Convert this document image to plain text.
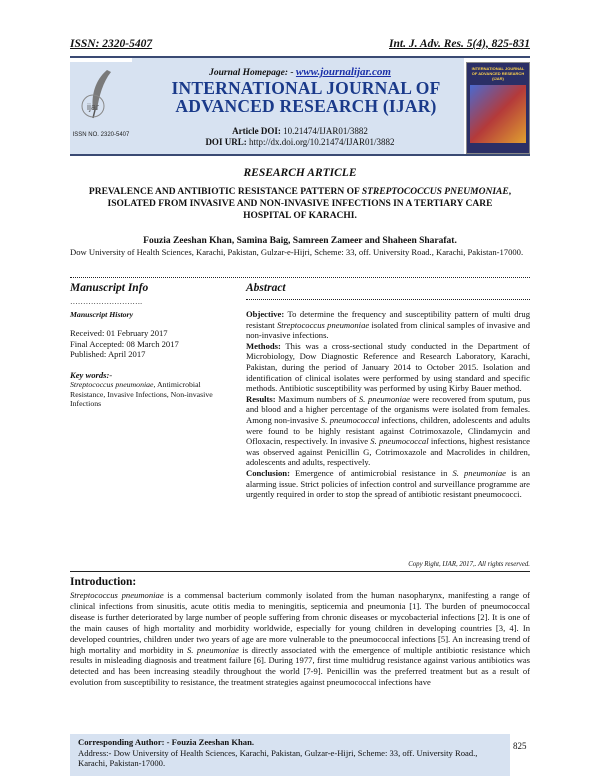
ISSN: 2320-5407	Int. J. Adv. Res. 5(4), 825-831
ijar
ISSN NO. 2320-5407
Journal Homepage: - www.journalijar.com
INTERNATIONAL JOURNAL OF
ADVANCED RESEARCH (IJAR)
Article DOI: 10.21474/IJAR01/3882
DOI URL: http://dx.doi.org/10.21474/IJAR01/3882
INTERNATIONAL JOURNAL OF ADVANCED RESEARCH (IJAR)
RESEARCH ARTICLE
PREVALENCE AND ANTIBIOTIC RESISTANCE PATTERN OF STREPTOCOCCUS PNEUMONIAE, ISOLATED FROM INVASIVE AND NON-INVASIVE INFECTIONS IN A TERTIARY CARE HOSPITAL OF KARACHI.
Fouzia Zeeshan Khan, Samina Baig, Samreen Zameer and Shaheen Sharafat.
Dow University of Health Sciences, Karachi, Pakistan, Gulzar-e-Hijri, Scheme: 33, off. University Road., Karachi, Pakistan-17000.
Manuscript Info	Abstract
……………………….
Manuscript History
Received: 01 February 2017
Final Accepted: 08 March 2017
Published: April 2017
Key words:-
Streptococcus pneumoniae, Antimicrobial Resistance, Invasive Infections, Non-invasive Infections

Objective: To determine the frequency and susceptibility pattern of multi drug resistant Streptococcus pneumoniae isolated from clinical samples of invasive and non-invasive infections.

Methods: This was a cross-sectional study conducted in the Department of Microbiology, Dow Diagnostic Reference and Research Laboratory, Karachi, Pakistan, during the period of January 2014 to October 2015. Isolation and identification of clinical isolates were performed by using standard and specific methods. Antibiotic susceptibility was performed by using Kirby Bauer method.

Results: Maximum numbers of S. pneumoniae were recovered from sputum, pus and blood and a higher percentage of the organisms were isolated from females. Among non-invasive S. pneumococcal infections, children, adolescents and adults were found to be highly resistant against Cotrimoxazole, Clindamycin and Ofloxacin, respectively. In invasive S. pneumococcal infections, highest resistance was observed against Penicillin G, Cotrimoxazole and Macrolides in children, adolescents and adults, respectively.

Conclusion: Emergence of antimicrobial resistance in S. pneumoniae is an alarming issue. Strict policies of infection control and surveillance programme are urgently required in order to stop the spread of antibiotic resistant pneumococci.

Copy Right, IJAR, 2017,. All rights reserved.
Introduction:
Streptococcus pneumoniae is a commensal bacterium commonly isolated from the human nasopharynx, manifesting a range of clinical infections from sinusitis, acute otitis media to meningitis, septicemia and pneumonia [1]. The burden of pneumococcal disease is further deteriorated by large number of people suffering from chronic diseases or mycobacterial infections [2]. It is one of the main causes of high mortality and morbidity worldwide, especially for young children in developing countries [3, 4]. In developed countries, children under two years of age are more vulnerable to the pneumococcal infections [5]. An increasing trend of high mortality and morbidity in S. pneumoniae is directly associated with the emergence of multiple antibiotic resistance which results in misleading diagnosis and treatment failure [6]. During 1977, first time multidrug resistance against various antibiotics was detected and has been increasing steadily throughout the world [7-9]. Penicillin was the preferred treatment but as a result of evolution from susceptibility to resistance, the treatment strategies against pneumococcal infections have
Corresponding Author: - Fouzia Zeeshan Khan.
Address:- Dow University of Health Sciences, Karachi, Pakistan, Gulzar-e-Hijri, Scheme: 33, off. University Road., Karachi, Pakistan-17000.
825
